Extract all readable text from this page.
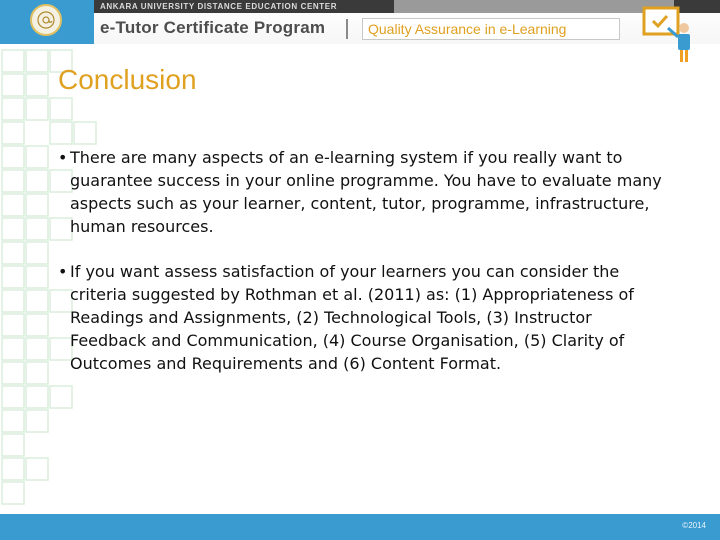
ANKARA UNIVERSITY DISTANCE EDUCATION CENTER
e-Tutor Certificate Program	Quality Assurance in e-Learning
Conclusion
• There are many aspects of an e-learning system if you really want to guarantee success in your online programme. You have to evaluate many aspects such as your learner, content, tutor, programme, infrastructure, human resources.
• If you want assess satisfaction of your learners you can consider the criteria suggested by Rothman et al. (2011) as: (1) Appropriateness of Readings and Assignments, (2) Technological Tools, (3) Instructor Feedback and Communication, (4) Course Organisation, (5) Clarity of Outcomes and Requirements and (6) Content Format.
©2014
